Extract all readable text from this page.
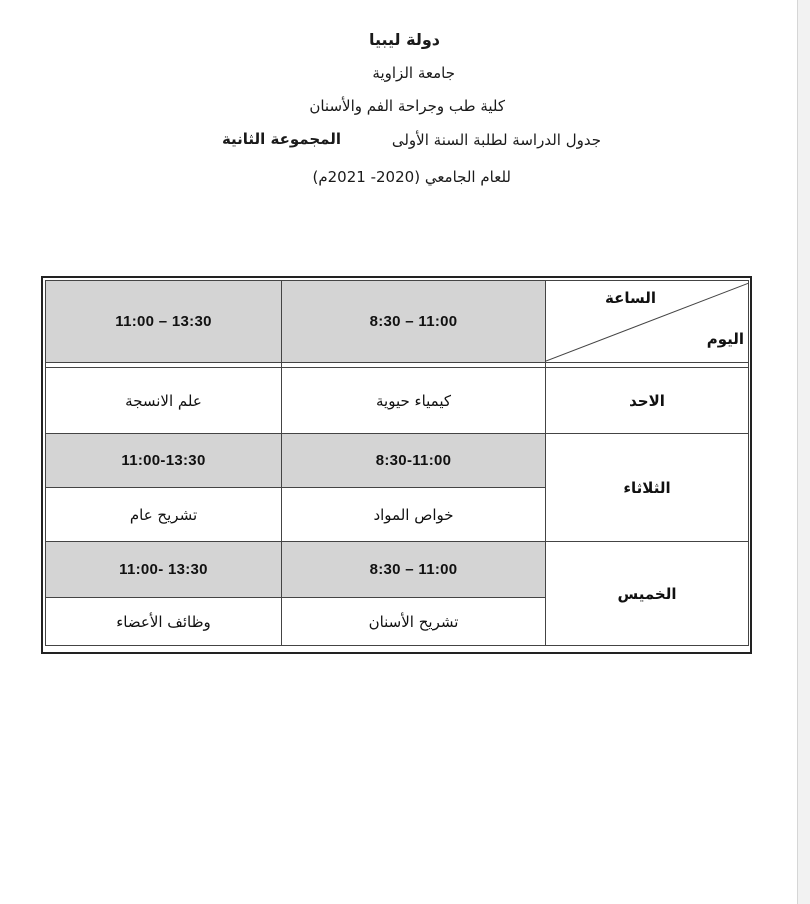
دولة ليبيا
جامعة الزاوية
كلية طب وجراحة الفم والأسنان
جدول الدراسة لطلبة السنة الأولى
المجموعة الثانية
للعام الجامعي (2020- 2021م)
11:00 – 13:30	8:30 – 11:00	الساعة
اليوم

علم الانسجة	كيمياء حيوية	الاحد
11:00-13:30	8:30-11:00	الثلاثاء
تشريح عام	خواص المواد	
11:00- 13:30	8:30 – 11:00	الخميس
وظائف الأعضاء	تشريح الأسنان	
